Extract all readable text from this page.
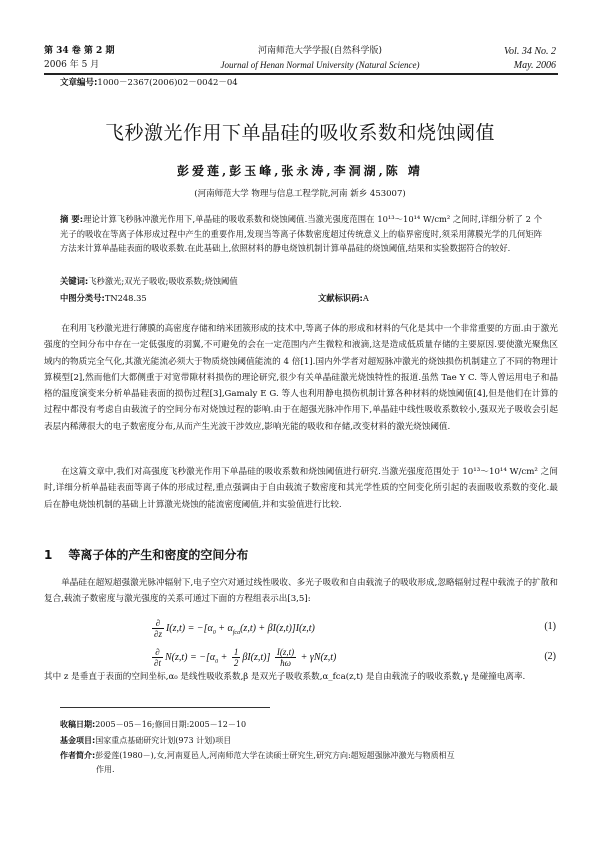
第 34 卷 第 2 期
2006 年 5 月
河南师范大学学报(自然科学版)
Journal of Henan Normal University (Natural Science)
Vol. 34 No. 2
May. 2006
文章编号:1000－2367(2006)02－0042－04
飞秒激光作用下单晶硅的吸收系数和烧蚀阈值
彭爱莲,彭玉峰,张永涛,李洞湖,陈 靖
(河南师范大学 物理与信息工程学院,河南 新乡 453007)
摘 要:理论计算飞秒脉冲激光作用下,单晶硅的吸收系数和烧蚀阈值.当激光强度范围在 10¹³～10¹⁴ W/cm² 之间时,详细分析了 2 个光子的吸收在等离子体形成过程中产生的重要作用,发现当等离子体数密度超过传统意义上的临界密度时,须采用薄膜光学的几何矩阵方法来计算单晶硅表面的吸收系数.在此基础上,依照材料的静电烧蚀机制计算单晶硅的烧蚀阈值,结果和实验数据符合的较好.
关键词:飞秒激光;双光子吸收;吸收系数;烧蚀阈值
中图分类号:TN248.35	文献标识码:A
在利用飞秒激光进行薄膜的高密度存储和纳米团簇形成的技术中,等离子体的形成和材料的气化是其中一个非常重要的方面.由于激光强度的空间分布中存在一定低强度的羽翼,不可避免的会在一定范围内产生微粒和液滴,这是造成低质量存储的主要原因.要使激光聚焦区域内的物质完全气化,其激光能流必须大于物质烧蚀阈值能流的 4 倍[1].国内外学者对超短脉冲激光的烧蚀损伤机制建立了不同的物理计算模型[2],然而他们大都侧重于对宽带隙材料损伤的理论研究,很少有关单晶硅激光烧蚀特性的报道.虽然 Tae Y C. 等人曾运用电子和晶格的温度演变来分析单晶硅表面的损伤过程[3],Gamaly E G. 等人也利用静电损伤机制计算各种材料的烧蚀阈值[4],但是他们在计算的过程中都没有考虑自由载流子的空间分布对烧蚀过程的影响.由于在超强光脉冲作用下,单晶硅中线性吸收系数较小,强双光子吸收会引起表层内稀薄很大的电子数密度分布,从而产生光波干涉效应,影响光能的吸收和存储,改变材料的激光烧蚀阈值.
在这篇文章中,我们对高强度飞秒激光作用下单晶硅的吸收系数和烧蚀阈值进行研究.当激光强度范围处于 10¹³～10¹⁴ W/cm² 之间时,详细分析单晶硅表面等离子体的形成过程,重点强调由于自由载流子数密度和其光学性质的空间变化所引起的表面吸收系数的变化.最后在静电烧蚀机制的基础上计算激光烧蚀的能流密度阈值,并和实验值进行比较.
1 等离子体的产生和密度的空间分布
单晶硅在超短超强激光脉冲辐射下,电子空穴对通过线性吸收、多光子吸收和自由载流子的吸收形成,忽略辐射过程中载流子的扩散和复合,载流子数密度与激光强度的关系可通过下面的方程组表示出[3,5]:
$\frac{\partial}{\partial z} I(z,t) = -[\alpha_0 + \alpha_{fca}(z,t) + \beta I(z,t)]I(z,t)$	(1)
$\frac{\partial}{\partial t} N(z,t) = -[\alpha_0 + \frac{1}{2} \beta I(z,t)] \frac{I(z,t)}{ħ\omega} + \gamma N(z,t)$	(2)
其中 z 是垂直于表面的空间坐标,α₀ 是线性吸收系数,β 是双光子吸收系数,α_fca(z,t) 是自由载流子的吸收系数,γ 是碰撞电离率.
收稿日期:2005－05－16;修回日期:2005－12－10
基金项目:国家重点基础研究计划(973 计划)项目
作者简介:彭爱莲(1980－),女,河南夏邑人,河南师范大学在读硕士研究生,研究方向:超短超强脉冲激光与物质相互
作用.
